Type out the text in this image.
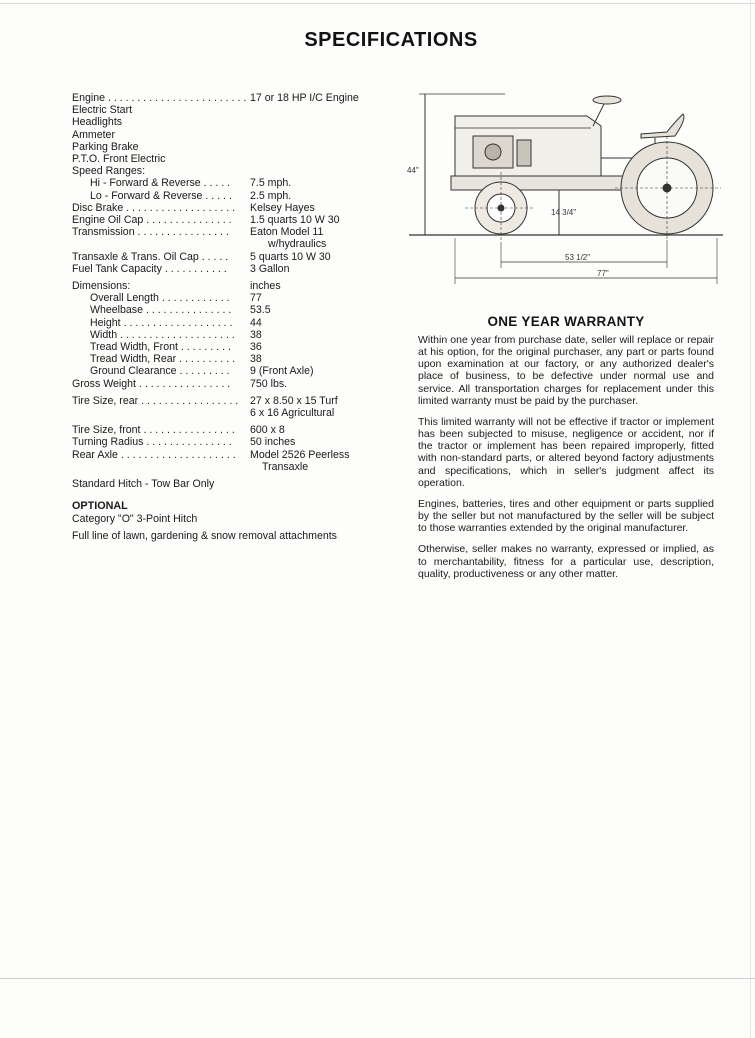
SPECIFICATIONS
Engine . . . . . . . . . . . . . . . . . . . . . . . . 17 or 18 HP I/C Engine
Electric Start
Headlights
Ammeter
Parking Brake
P.T.O. Front Electric
Speed Ranges:
Hi - Forward & Reverse . . . . .	7.5 mph.
Lo - Forward & Reverse . . . . .	2.5 mph.
Disc Brake . . . . . . . . . . . . . . . . . . .	Kelsey Hayes
Engine Oil Cap . . . . . . . . . . . . . . .	1.5 quarts 10 W 30
Transmission . . . . . . . . . . . . . . . .	Eaton Model 11
w/hydraulics
Transaxle & Trans. Oil Cap . . . . .	5 quarts 10 W 30
Fuel Tank Capacity . . . . . . . . . . .	3 Gallon
Dimensions:	inches
Overall Length . . . . . . . . . . . .	77
Wheelbase . . . . . . . . . . . . . . .	53.5
Height . . . . . . . . . . . . . . . . . . .	44
Width . . . . . . . . . . . . . . . . . . . .	38
Tread Width, Front . . . . . . . . .	36
Tread Width, Rear . . . . . . . . . .	38
Ground Clearance . . . . . . . . .	9 (Front Axle)
Gross Weight . . . . . . . . . . . . . . . .	750 lbs.
Tire Size, rear . . . . . . . . . . . . . . . . .	27 x 8.50 x 15 Turf
6 x 16 Agricultural
Tire Size, front . . . . . . . . . . . . . . . .	600 x 8
Turning Radius . . . . . . . . . . . . . . .	50 inches
Rear Axle . . . . . . . . . . . . . . . . . . . .	Model 2526 Peerless
Transaxle
Standard Hitch - Tow Bar Only
OPTIONAL
Category "O" 3-Point Hitch
Full line of lawn, gardening & snow removal attachments
44"
14 3/4"
53 1/2"
77"
ONE YEAR WARRANTY

Within one year from purchase date, seller will replace or repair at his option, for the original purchaser, any part or parts found upon examination at our factory, or any authorized dealer's place of business, to be defective under normal use and service. All transportation charges for replacement under this limited warranty must be paid by the purchaser.

This limited warranty will not be effective if tractor or implement has been subjected to misuse, negligence or accident, nor if the tractor or implement has been repaired improperly, fitted with non-standard parts, or altered beyond factory adjustments and specifications, which in seller's judgment affect its operation.

Engines, batteries, tires and other equipment or parts supplied by the seller but not manufactured by the seller will be subject to those warranties extended by the original manufacturer.

Otherwise, seller makes no warranty, expressed or implied, as to merchantability, fitness for a particular use, description, quality, productiveness or any other matter.
